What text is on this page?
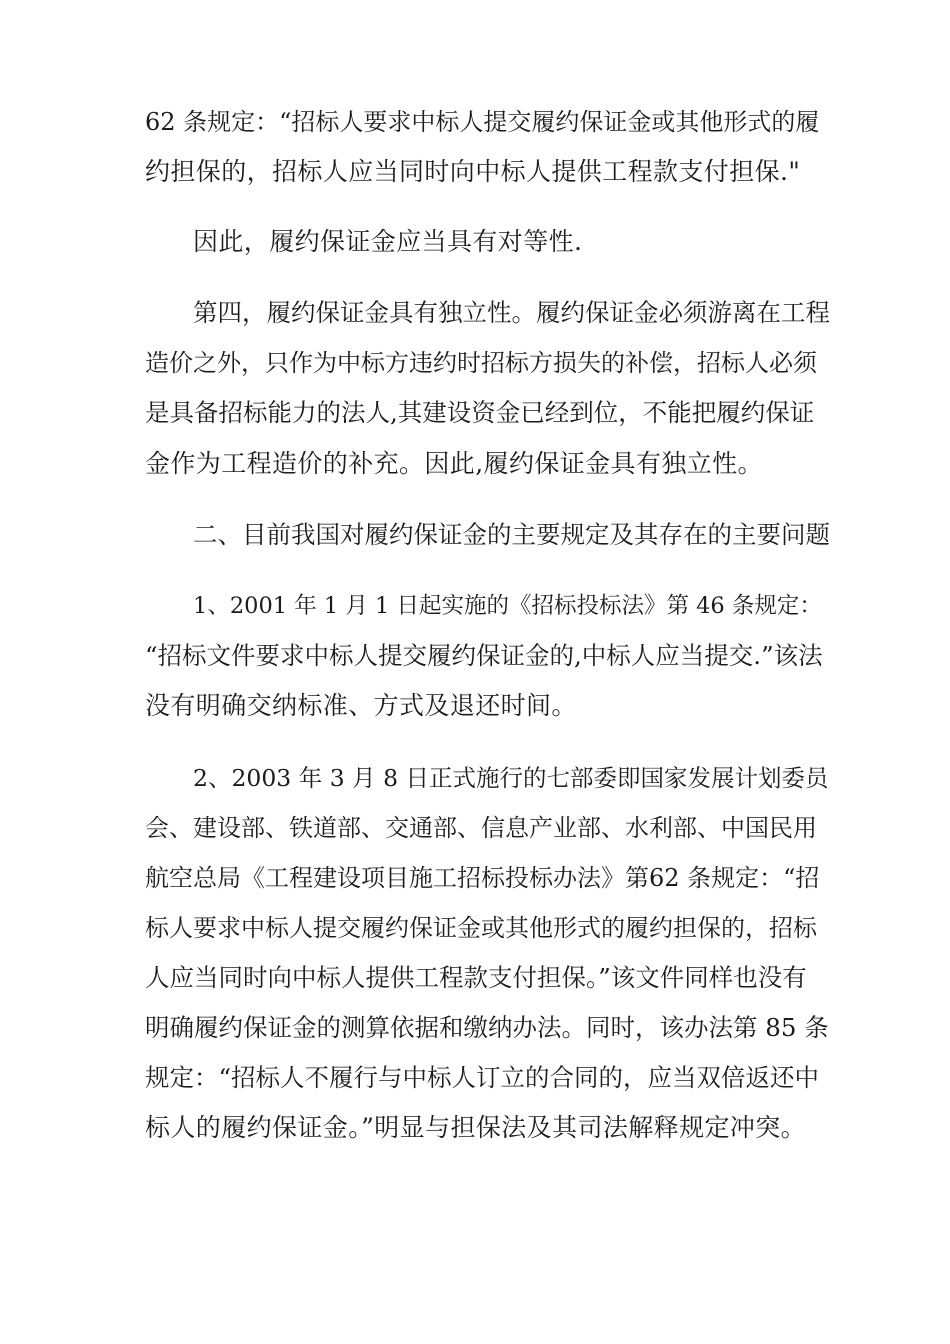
62 条规定：“招标人要求中标人提交履约保证金或其他形式的履
约担保的，招标人应当同时向中标人提供工程款支付担保."
因此，履约保证金应当具有对等性.
第四，履约保证金具有独立性。履约保证金必须游离在工程
造价之外，只作为中标方违约时招标方损失的补偿，招标人必须
是具备招标能力的法人,其建设资金已经到位，不能把履约保证
金作为工程造价的补充。因此,履约保证金具有独立性。
二、目前我国对履约保证金的主要规定及其存在的主要问题
1、2001 年 1 月 1 日起实施的《招标投标法》第 46 条规定：
“招标文件要求中标人提交履约保证金的,中标人应当提交.”该法
没有明确交纳标准、方式及退还时间。
2、2003 年 3 月 8 日正式施行的七部委即国家发展计划委员
会、建设部、铁道部、交通部、信息产业部、水利部、中国民用
航空总局《工程建设项目施工招标投标办法》第62 条规定：“招
标人要求中标人提交履约保证金或其他形式的履约担保的，招标
人应当同时向中标人提供工程款支付担保。”该文件同样也没有
明确履约保证金的测算依据和缴纳办法。同时，该办法第 85 条
规定：“招标人不履行与中标人订立的合同的，应当双倍返还中
标人的履约保证金。”明显与担保法及其司法解释规定冲突。
